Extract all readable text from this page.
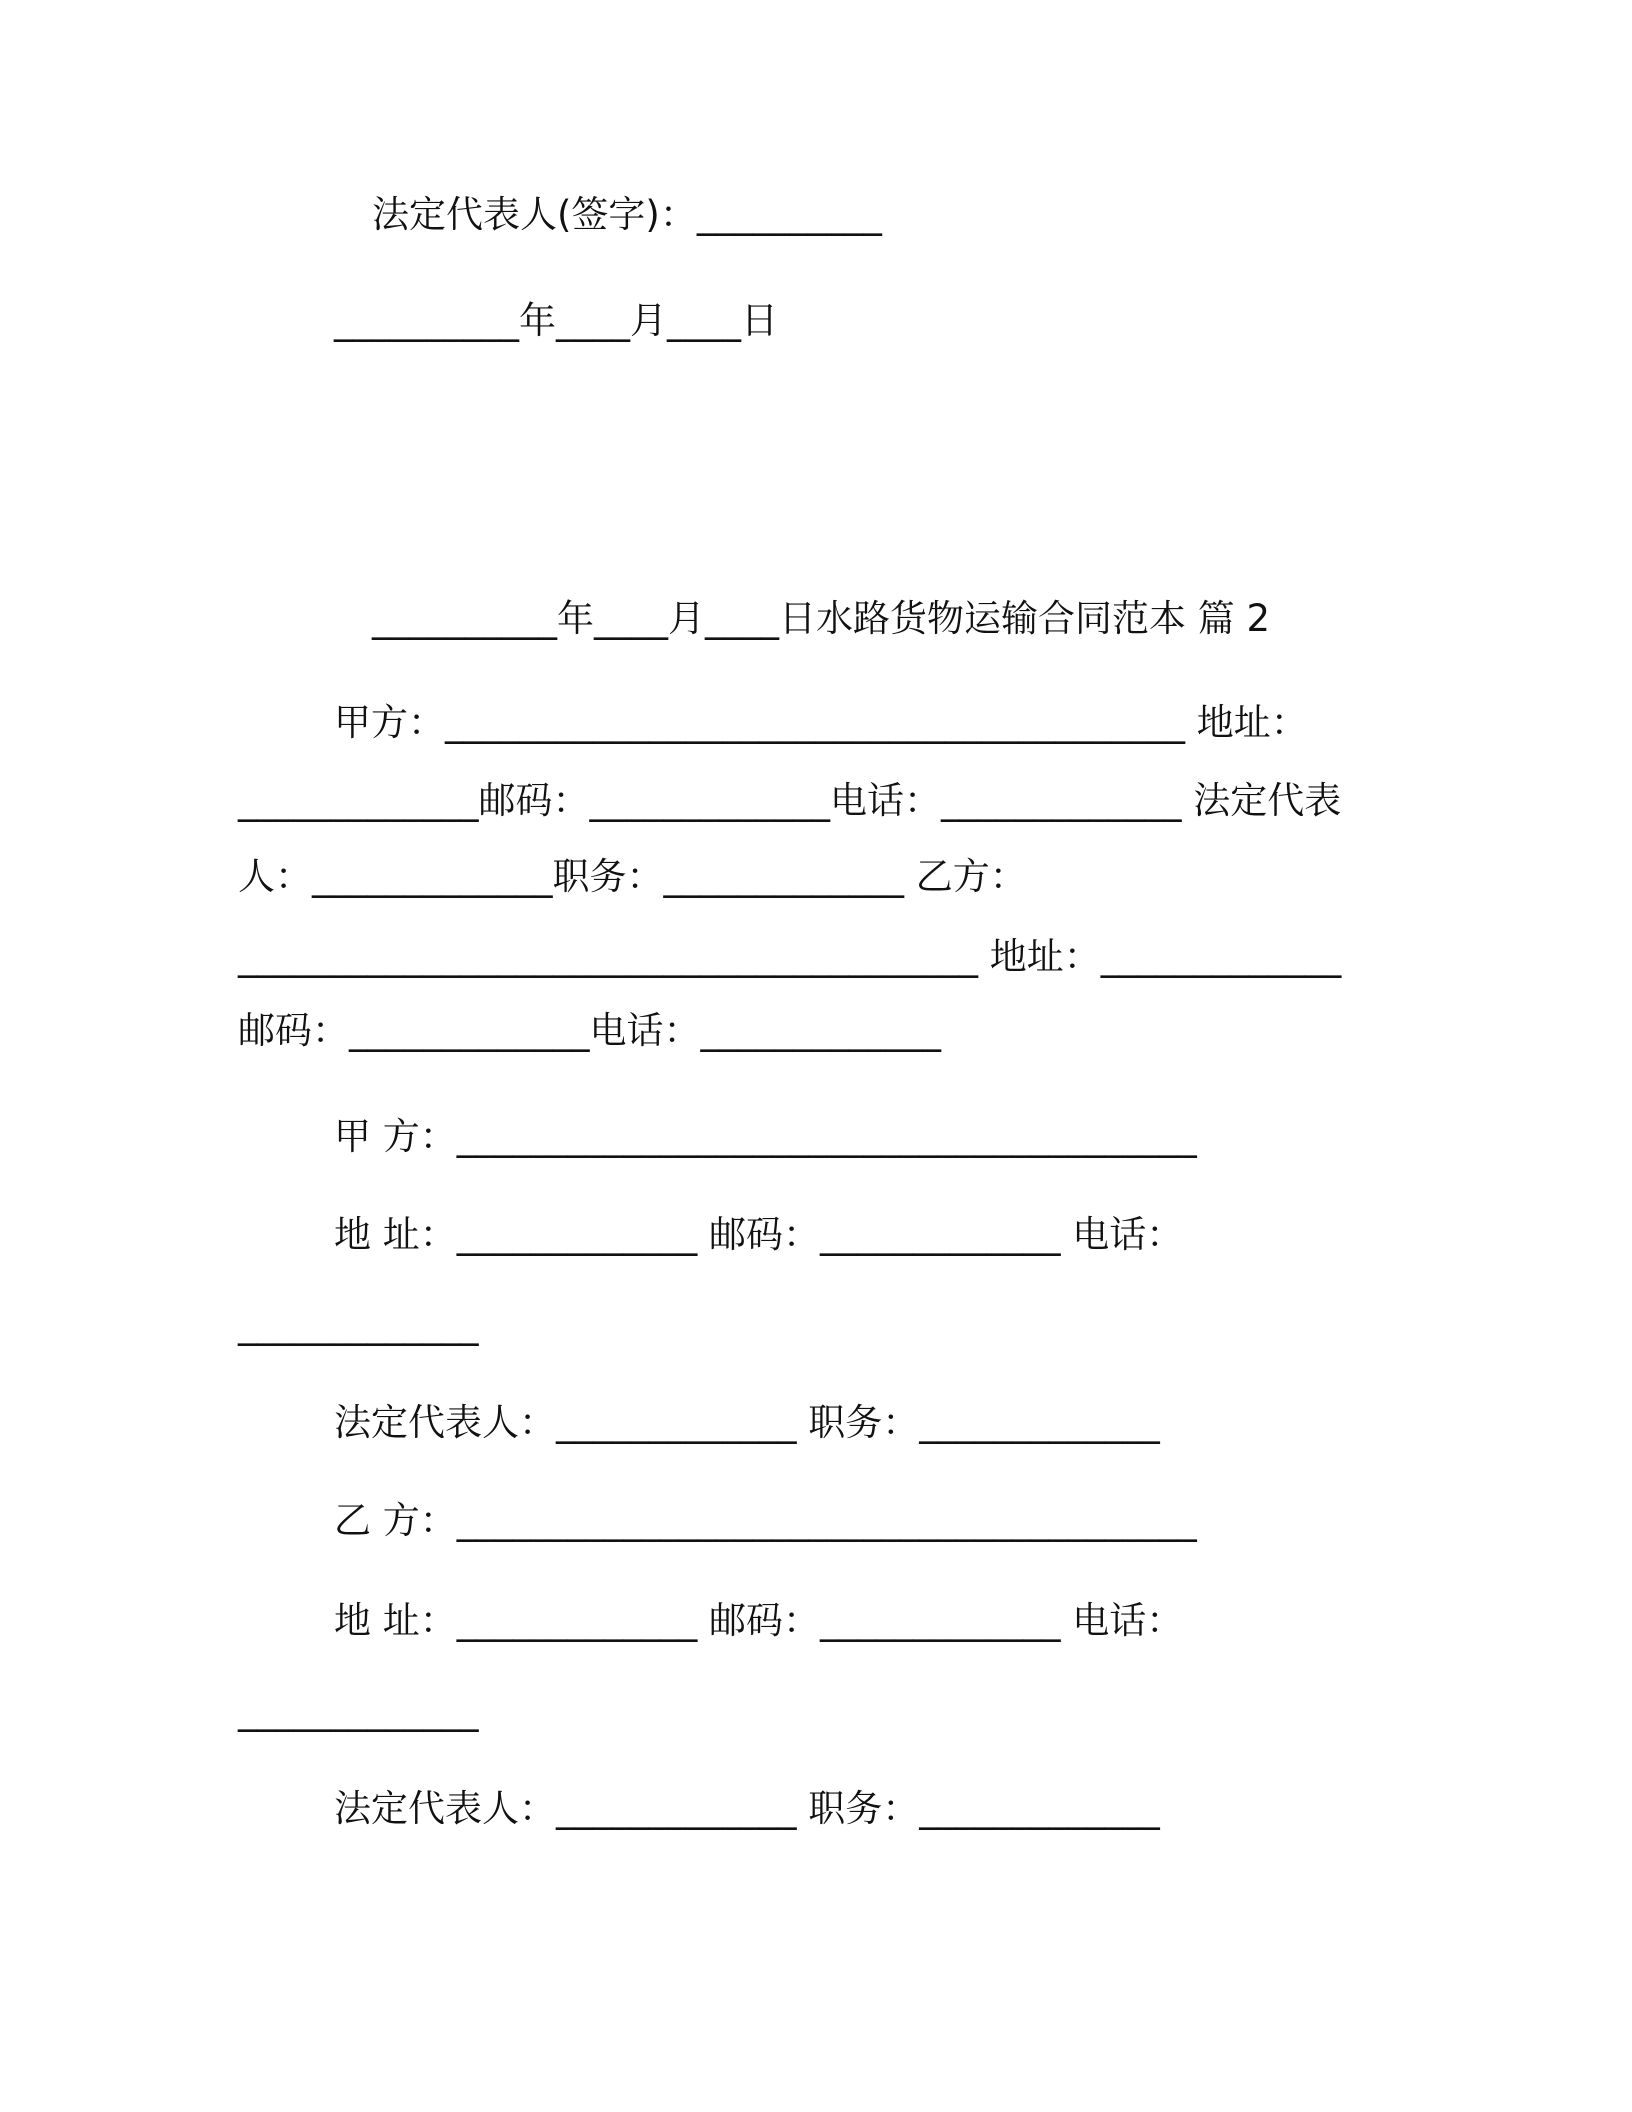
法定代表人(签字)：__________
__________年____月____日
__________年____月____日水路货物运输合同范本 篇 2
甲方：________________________________________ 地址：
_____________邮码：_____________电话：_____________ 法定代表
人：_____________职务：_____________ 乙方：
________________________________________ 地址：_____________
邮码：_____________电话：_____________
甲 方：________________________________________
地 址：_____________ 邮码：_____________ 电话：
_____________
法定代表人：_____________ 职务：_____________
乙 方：________________________________________
地 址：_____________ 邮码：_____________ 电话：
_____________
法定代表人：_____________ 职务：_____________
